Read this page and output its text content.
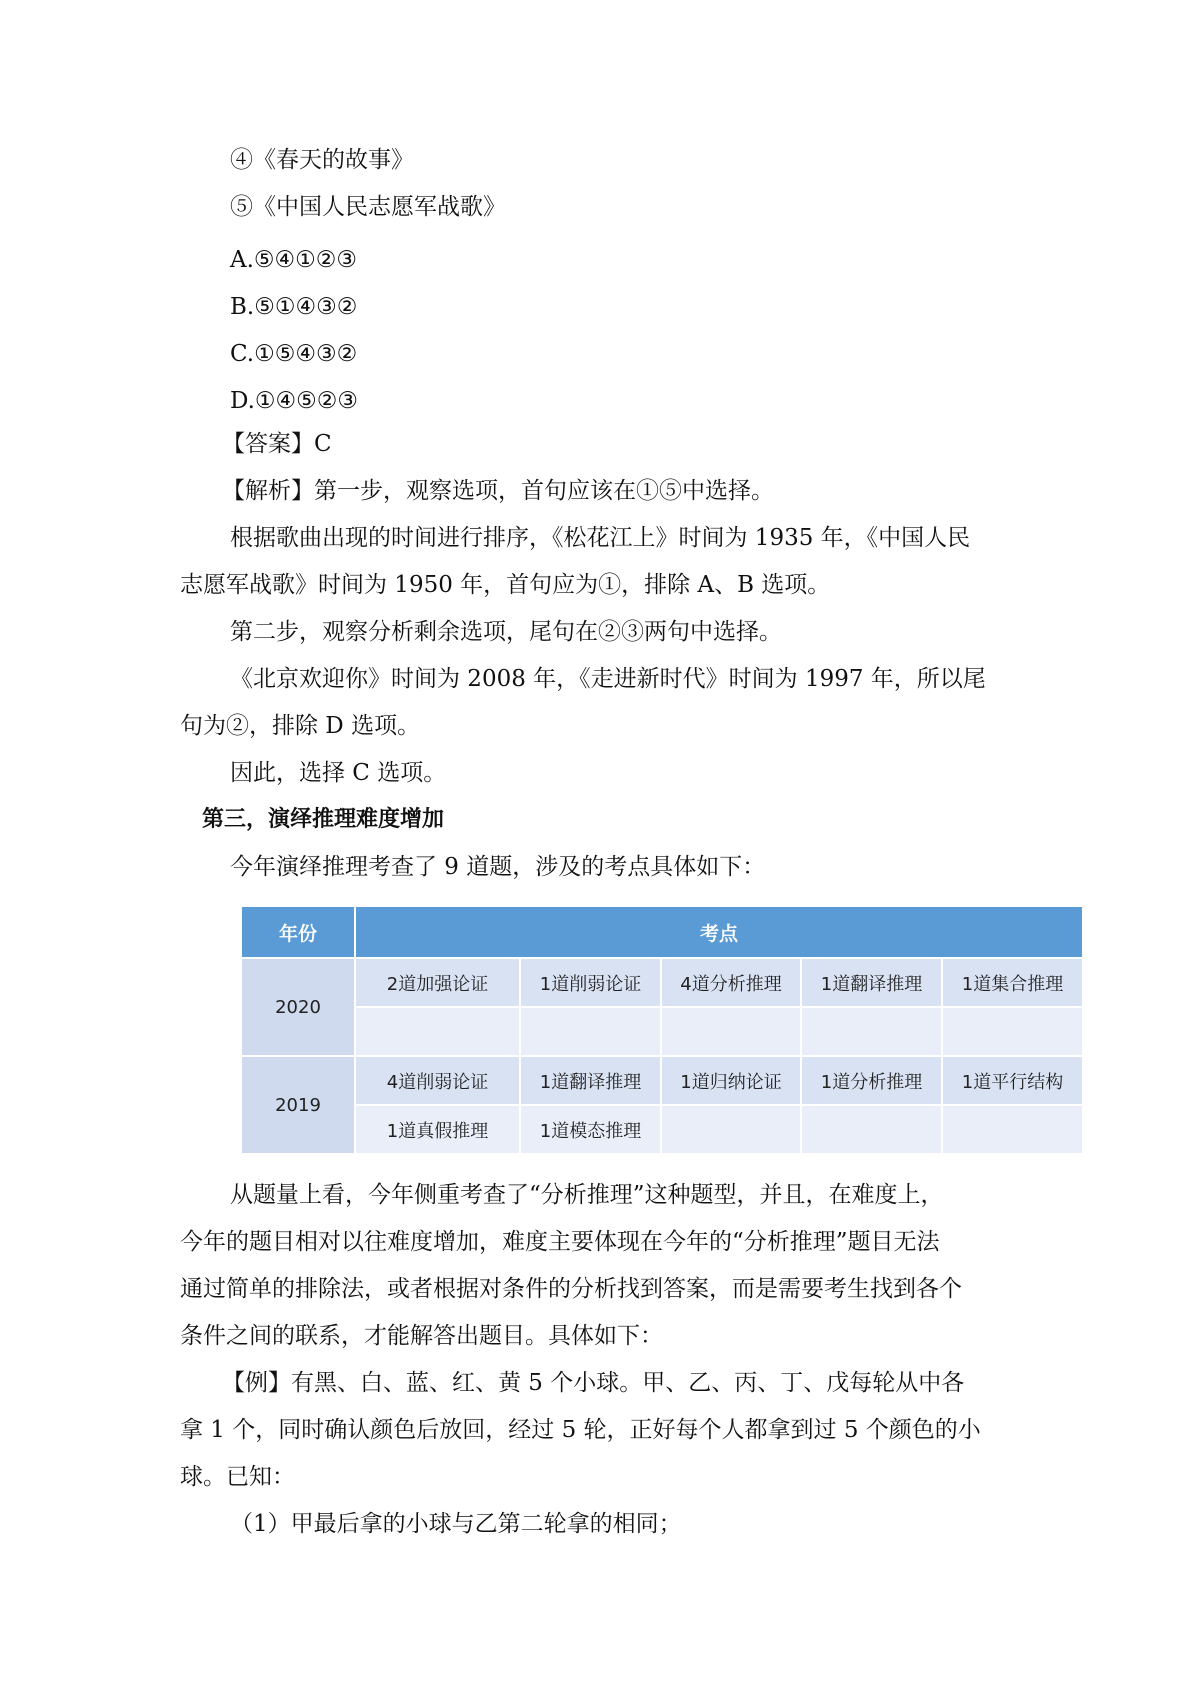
④《春天的故事》
⑤《中国人民志愿军战歌》
A.⑤④①②③
B.⑤①④③②
C.①⑤④③②
D.①④⑤②③
【答案】C
【解析】第一步，观察选项，首句应该在①⑤中选择。
根据歌曲出现的时间进行排序，《松花江上》时间为 1935 年，《中国人民
志愿军战歌》时间为 1950 年，首句应为①，排除 A、B 选项。
第二步，观察分析剩余选项，尾句在②③两句中选择。
《北京欢迎你》时间为 2008 年，《走进新时代》时间为 1997 年，所以尾
句为②，排除 D 选项。
因此，选择 C 选项。
第三，演绎推理难度增加
今年演绎推理考查了 9 道题，涉及的考点具体如下：
年份	考点				
2020	2道加强论证	1道削弱论证	4道分析推理	1道翻译推理	1道集合推理

2019	4道削弱论证	1道翻译推理	1道归纳论证	1道分析推理	1道平行结构
	1道真假推理	1道模态推理			
从题量上看，今年侧重考查了“分析推理”这种题型，并且，在难度上，
今年的题目相对以往难度增加，难度主要体现在今年的“分析推理”题目无法
通过简单的排除法，或者根据对条件的分析找到答案，而是需要考生找到各个
条件之间的联系，才能解答出题目。具体如下：
【例】有黑、白、蓝、红、黄 5 个小球。甲、乙、丙、丁、戊每轮从中各
拿 1 个，同时确认颜色后放回，经过 5 轮，正好每个人都拿到过 5 个颜色的小
球。已知：
（1）甲最后拿的小球与乙第二轮拿的相同；
